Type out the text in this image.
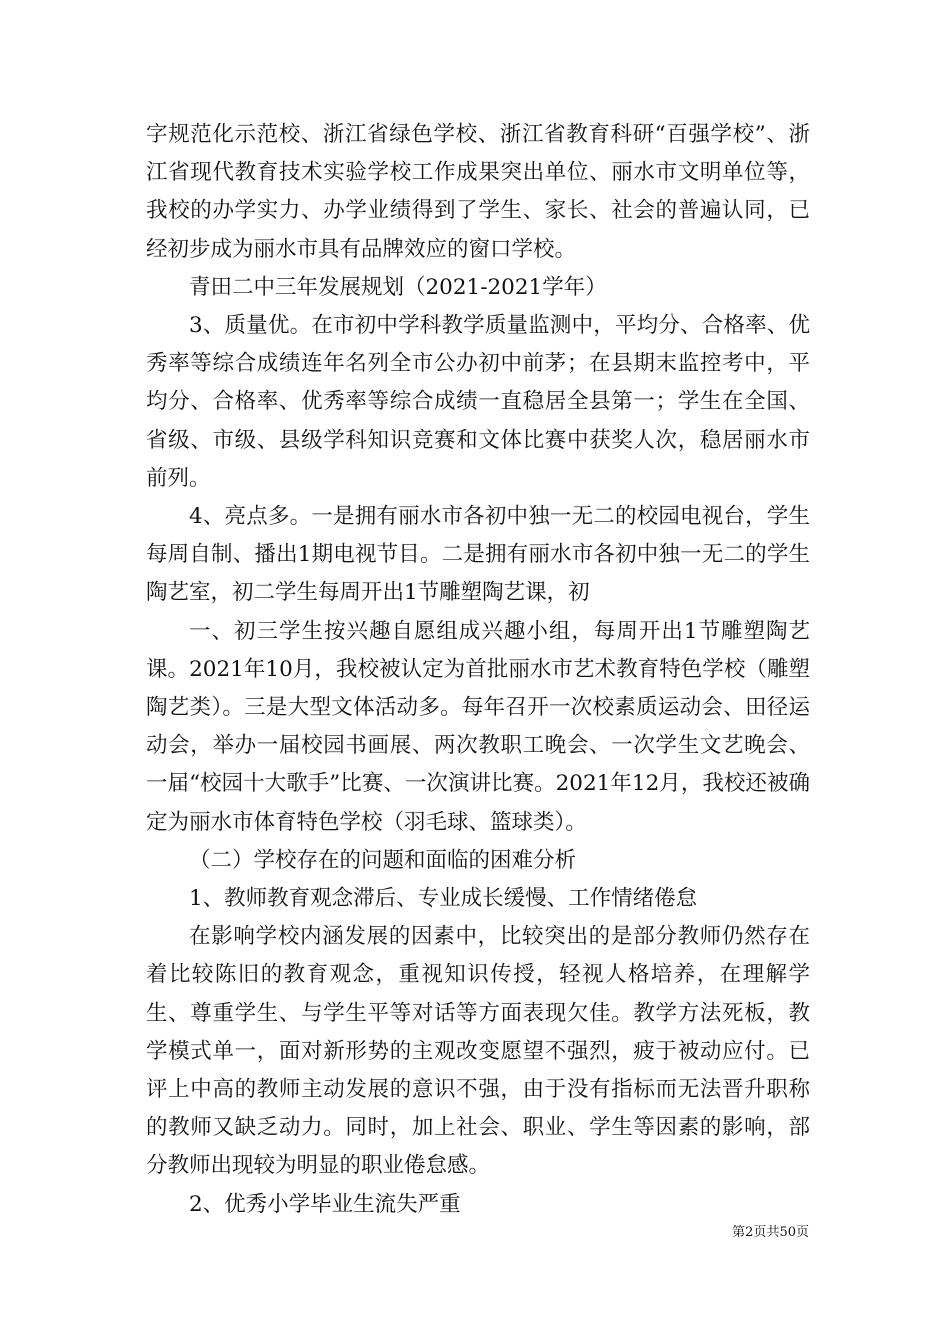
字规范化示范校、浙江省绿色学校、浙江省教育科研“百强学校”、浙江省现代教育技术实验学校工作成果突出单位、丽水市文明单位等，我校的办学实力、办学业绩得到了学生、家长、社会的普遍认同，已经初步成为丽水市具有品牌效应的窗口学校。

青田二中三年发展规划（2021-2021学年）

3、质量优。在市初中学科教学质量监测中，平均分、合格率、优秀率等综合成绩连年名列全市公办初中前茅；在县期末监控考中，平均分、合格率、优秀率等综合成绩一直稳居全县第一；学生在全国、省级、市级、县级学科知识竞赛和文体比赛中获奖人次，稳居丽水市前列。

4、亮点多。一是拥有丽水市各初中独一无二的校园电视台，学生每周自制、播出1期电视节目。二是拥有丽水市各初中独一无二的学生陶艺室，初二学生每周开出1节雕塑陶艺课，初

一、初三学生按兴趣自愿组成兴趣小组，每周开出1节雕塑陶艺课。2021年10月，我校被认定为首批丽水市艺术教育特色学校（雕塑陶艺类）。三是大型文体活动多。每年召开一次校素质运动会、田径运动会，举办一届校园书画展、两次教职工晚会、一次学生文艺晚会、一届“校园十大歌手”比赛、一次演讲比赛。2021年12月，我校还被确定为丽水市体育特色学校（羽毛球、篮球类）。

（二）学校存在的问题和面临的困难分析

1、教师教育观念滞后、专业成长缓慢、工作情绪倦怠

在影响学校内涵发展的因素中，比较突出的是部分教师仍然存在着比较陈旧的教育观念，重视知识传授，轻视人格培养，在理解学生、尊重学生、与学生平等对话等方面表现欠佳。教学方法死板，教学模式单一，面对新形势的主观改变愿望不强烈，疲于被动应付。已评上中高的教师主动发展的意识不强，由于没有指标而无法晋升职称的教师又缺乏动力。同时，加上社会、职业、学生等因素的影响，部分教师出现较为明显的职业倦怠感。

2、优秀小学毕业生流失严重

第2页共50页
